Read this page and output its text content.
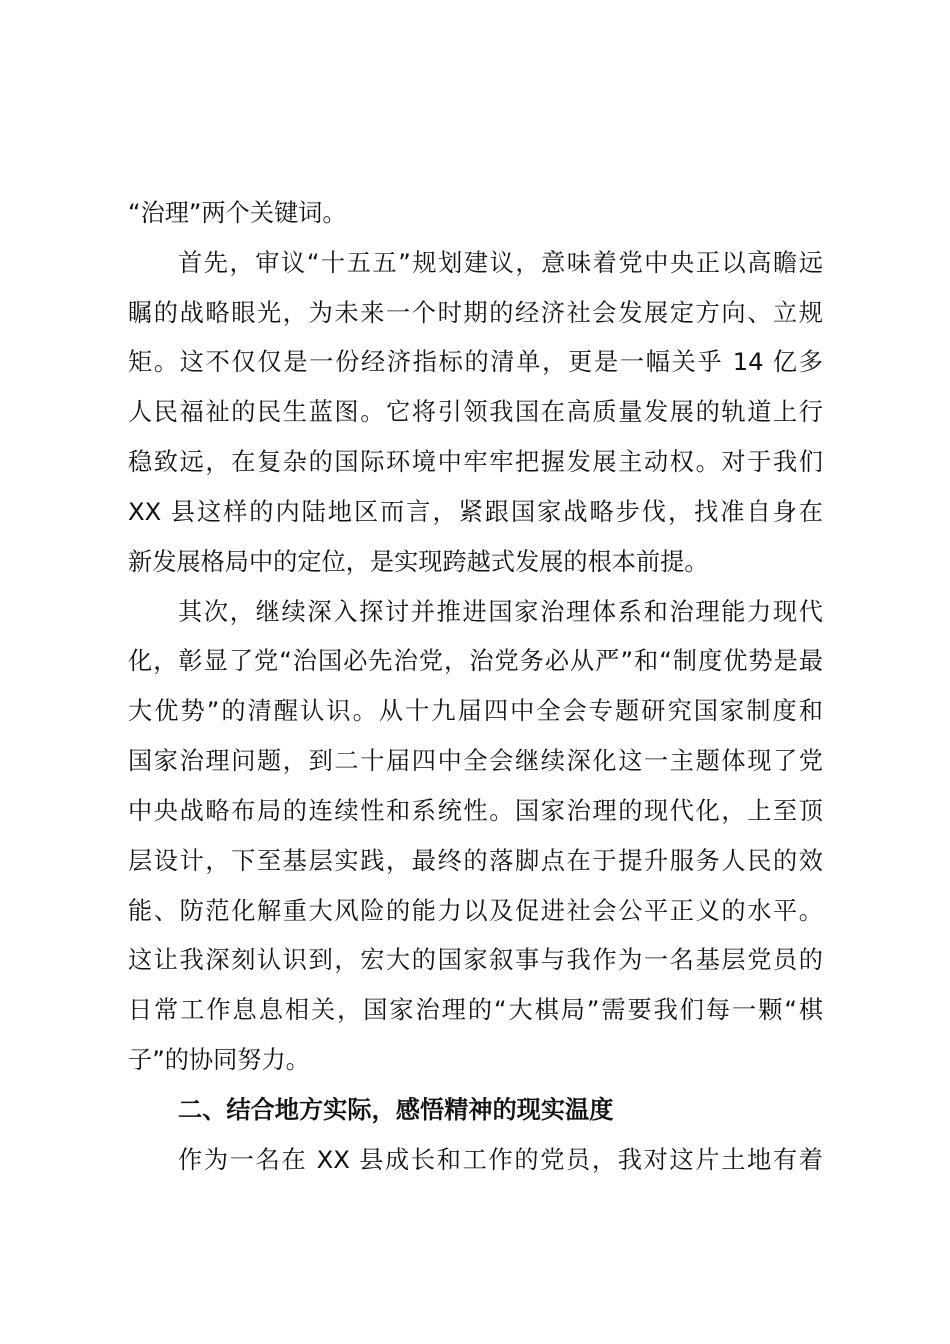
“治理”两个关键词。
首先，审议“十五五”规划建议，意味着党中央正以高瞻远
瞩的战略眼光，为未来一个时期的经济社会发展定方向、立规
矩。这不仅仅是一份经济指标的清单，更是一幅关乎 14 亿多
人民福祉的民生蓝图。它将引领我国在高质量发展的轨道上行
稳致远，在复杂的国际环境中牢牢把握发展主动权。对于我们
XX 县这样的内陆地区而言，紧跟国家战略步伐，找准自身在
新发展格局中的定位，是实现跨越式发展的根本前提。
其次，继续深入探讨并推进国家治理体系和治理能力现代
化，彰显了党“治国必先治党，治党务必从严”和“制度优势是最
大优势”的清醒认识。从十九届四中全会专题研究国家制度和
国家治理问题，到二十届四中全会继续深化这一主题体现了党
中央战略布局的连续性和系统性。国家治理的现代化，上至顶
层设计，下至基层实践，最终的落脚点在于提升服务人民的效
能、防范化解重大风险的能力以及促进社会公平正义的水平。
这让我深刻认识到，宏大的国家叙事与我作为一名基层党员的
日常工作息息相关，国家治理的“大棋局”需要我们每一颗“棋
子”的协同努力。
二、结合地方实际，感悟精神的现实温度
作为一名在 XX 县成长和工作的党员，我对这片土地有着
